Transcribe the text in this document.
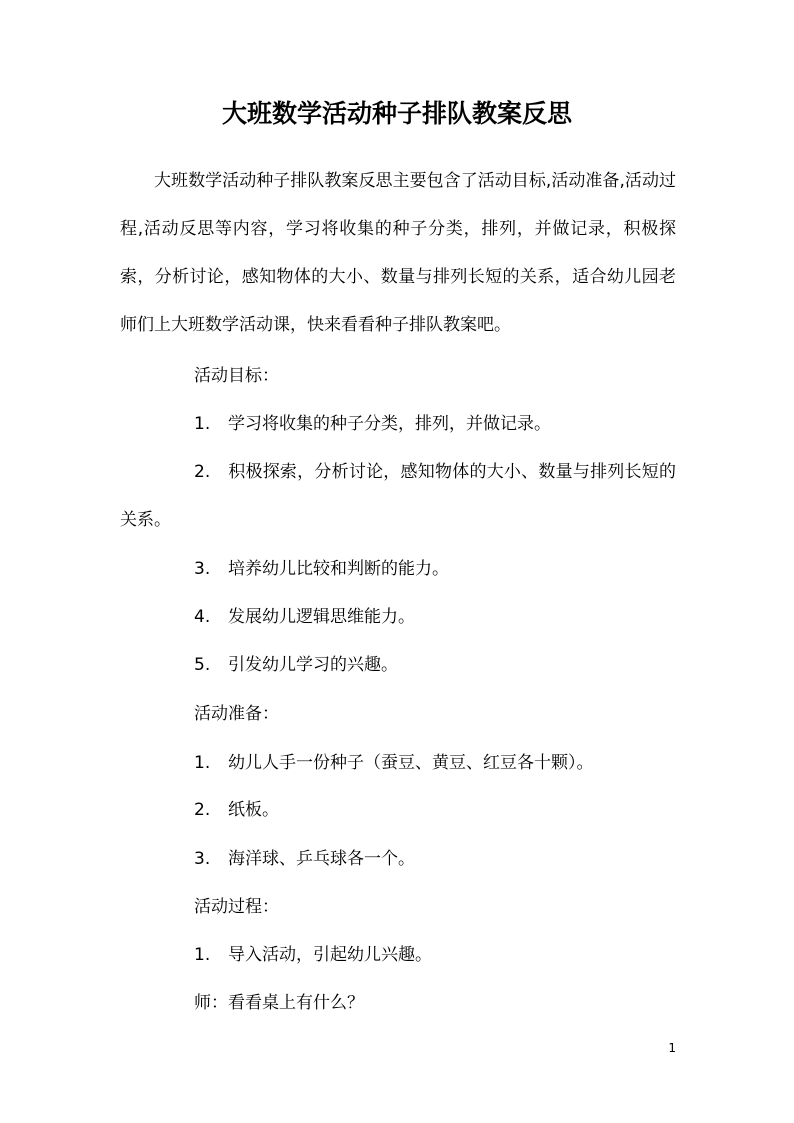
大班数学活动种子排队教案反思

大班数学活动种子排队教案反思主要包含了活动目标,活动准备,活动过程,活动反思等内容，学习将收集的种子分类，排列，并做记录，积极探索，分析讨论，感知物体的大小、数量与排列长短的关系，适合幼儿园老师们上大班数学活动课，快来看看种子排队教案吧。

活动目标：
1. 学习将收集的种子分类，排列，并做记录。

2. 积极探索，分析讨论，感知物体的大小、数量与排列长短的关系。

3. 培养幼儿比较和判断的能力。
4. 发展幼儿逻辑思维能力。
5. 引发幼儿学习的兴趣。
活动准备：
1. 幼儿人手一份种子（蚕豆、黄豆、红豆各十颗）。
2. 纸板。
3. 海洋球、乒乓球各一个。
活动过程：
1. 导入活动，引起幼儿兴趣。
师：看看桌上有什么？
1
